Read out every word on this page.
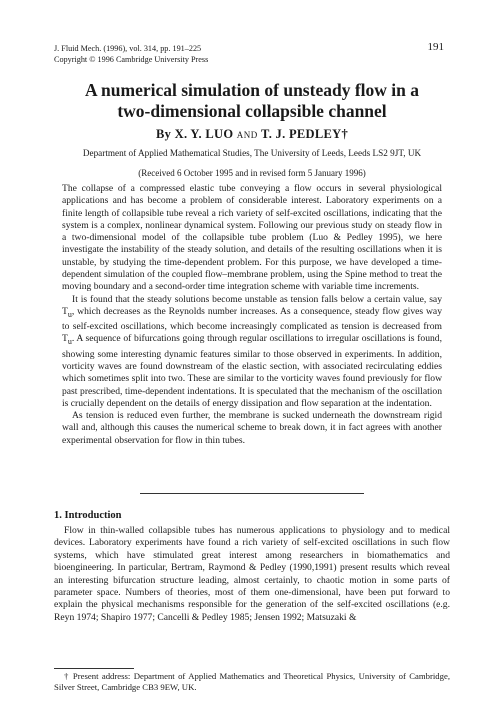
J. Fluid Mech. (1996), vol. 314, pp. 191–225
Copyright © 1996 Cambridge University Press
191
A numerical simulation of unsteady flow in a
two-dimensional collapsible channel
By X. Y. LUO AND T. J. PEDLEY†
Department of Applied Mathematical Studies, The University of Leeds, Leeds LS2 9JT, UK
(Received 6 October 1995 and in revised form 5 January 1996)

The collapse of a compressed elastic tube conveying a flow occurs in several physiological applications and has become a problem of considerable interest. Laboratory experiments on a finite length of collapsible tube reveal a rich variety of self-excited oscillations, indicating that the system is a complex, nonlinear dynamical system. Following our previous study on steady flow in a two-dimensional model of the collapsible tube problem (Luo & Pedley 1995), we here investigate the instability of the steady solution, and details of the resulting oscillations when it is unstable, by studying the time-dependent problem. For this purpose, we have developed a time-dependent simulation of the coupled flow–membrane problem, using the Spine method to treat the moving boundary and a second-order time integration scheme with variable time increments.

It is found that the steady solutions become unstable as tension falls below a certain value, say $T_u$, which decreases as the Reynolds number increases. As a consequence, steady flow gives way to self-excited oscillations, which become increasingly complicated as tension is decreased from $T_u$. A sequence of bifurcations going through regular oscillations to irregular oscillations is found, showing some interesting dynamic features similar to those observed in experiments. In addition, vorticity waves are found downstream of the elastic section, with associated recirculating eddies which sometimes split into two. These are similar to the vorticity waves found previously for flow past prescribed, time-dependent indentations. It is speculated that the mechanism of the oscillation is crucially dependent on the details of energy dissipation and flow separation at the indentation.

As tension is reduced even further, the membrane is sucked underneath the downstream rigid wall and, although this causes the numerical scheme to break down, it in fact agrees with another experimental observation for flow in thin tubes.

1. Introduction

Flow in thin-walled collapsible tubes has numerous applications to physiology and to medical devices. Laboratory experiments have found a rich variety of self-excited oscillations in such flow systems, which have stimulated great interest among researchers in biomathematics and bioengineering. In particular, Bertram, Raymond & Pedley (1990,1991) present results which reveal an interesting bifurcation structure leading, almost certainly, to chaotic motion in some parts of parameter space. Numbers of theories, most of them one-dimensional, have been put forward to explain the physical mechanisms responsible for the generation of the self-excited oscillations (e.g. Reyn 1974; Shapiro 1977; Cancelli & Pedley 1985; Jensen 1992; Matsuzaki &

† Present address: Department of Applied Mathematics and Theoretical Physics, University of Cambridge, Silver Street, Cambridge CB3 9EW, UK.
